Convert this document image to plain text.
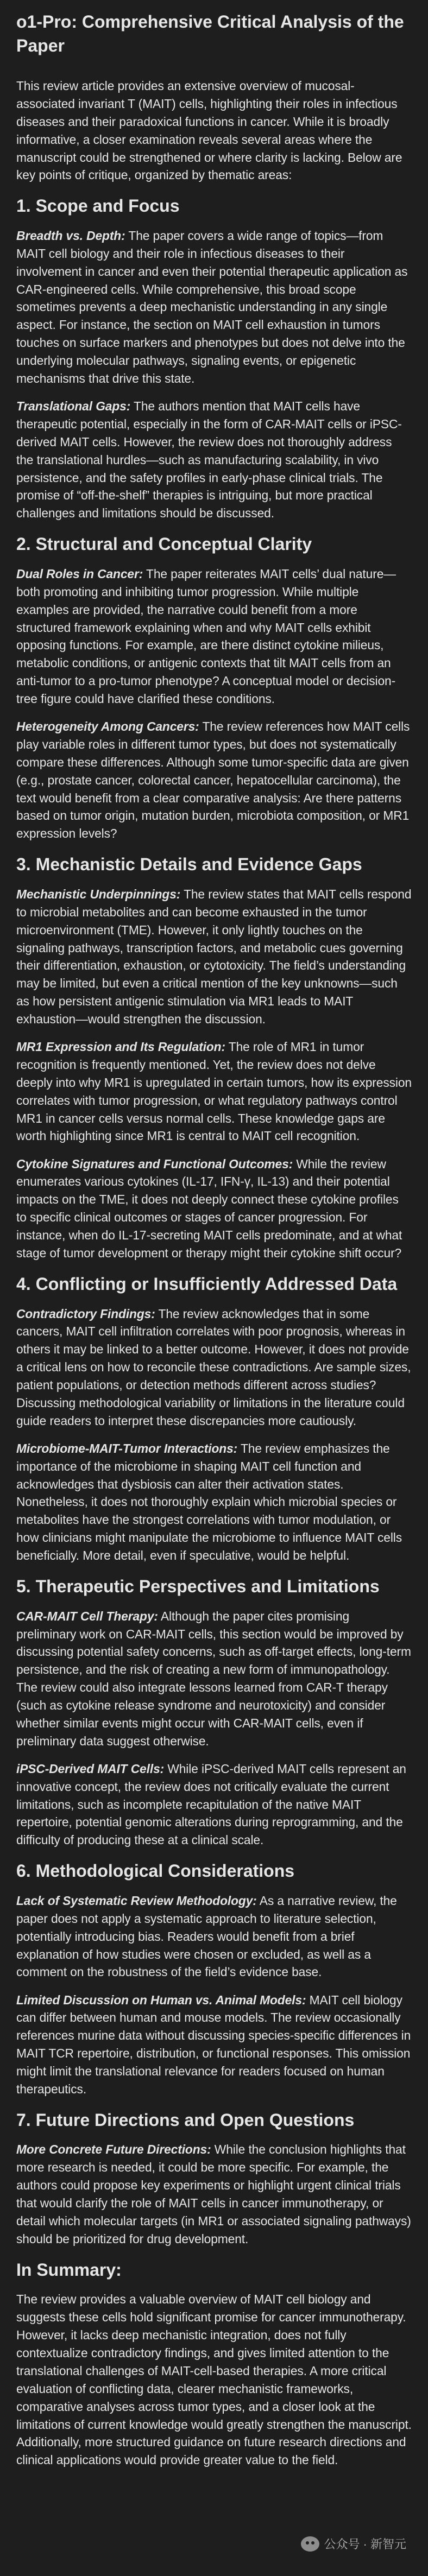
o1-Pro: Comprehensive Critical Analysis of the Paper
This review article provides an extensive overview of mucosal-associated invariant T (MAIT) cells, highlighting their roles in infectious diseases and their paradoxical functions in cancer. While it is broadly informative, a closer examination reveals several areas where the manuscript could be strengthened or where clarity is lacking. Below are key points of critique, organized by thematic areas:
1. Scope and Focus
Breadth vs. Depth: The paper covers a wide range of topics—from MAIT cell biology and their role in infectious diseases to their involvement in cancer and even their potential therapeutic application as CAR-engineered cells. While comprehensive, this broad scope sometimes prevents a deep mechanistic understanding in any single aspect. For instance, the section on MAIT cell exhaustion in tumors touches on surface markers and phenotypes but does not delve into the underlying molecular pathways, signaling events, or epigenetic mechanisms that drive this state.
Translational Gaps: The authors mention that MAIT cells have therapeutic potential, especially in the form of CAR-MAIT cells or iPSC-derived MAIT cells. However, the review does not thoroughly address the translational hurdles—such as manufacturing scalability, in vivo persistence, and the safety profiles in early-phase clinical trials. The promise of “off-the-shelf” therapies is intriguing, but more practical challenges and limitations should be discussed.
2. Structural and Conceptual Clarity
Dual Roles in Cancer: The paper reiterates MAIT cells’ dual nature—both promoting and inhibiting tumor progression. While multiple examples are provided, the narrative could benefit from a more structured framework explaining when and why MAIT cells exhibit opposing functions. For example, are there distinct cytokine milieus, metabolic conditions, or antigenic contexts that tilt MAIT cells from an anti-tumor to a pro-tumor phenotype? A conceptual model or decision-tree figure could have clarified these conditions.
Heterogeneity Among Cancers: The review references how MAIT cells play variable roles in different tumor types, but does not systematically compare these differences. Although some tumor-specific data are given (e.g., prostate cancer, colorectal cancer, hepatocellular carcinoma), the text would benefit from a clear comparative analysis: Are there patterns based on tumor origin, mutation burden, microbiota composition, or MR1 expression levels?
3. Mechanistic Details and Evidence Gaps
Mechanistic Underpinnings: The review states that MAIT cells respond to microbial metabolites and can become exhausted in the tumor microenvironment (TME). However, it only lightly touches on the signaling pathways, transcription factors, and metabolic cues governing their differentiation, exhaustion, or cytotoxicity. The field’s understanding may be limited, but even a critical mention of the key unknowns—such as how persistent antigenic stimulation via MR1 leads to MAIT exhaustion—would strengthen the discussion.
MR1 Expression and Its Regulation: The role of MR1 in tumor recognition is frequently mentioned. Yet, the review does not delve deeply into why MR1 is upregulated in certain tumors, how its expression correlates with tumor progression, or what regulatory pathways control MR1 in cancer cells versus normal cells. These knowledge gaps are worth highlighting since MR1 is central to MAIT cell recognition.
Cytokine Signatures and Functional Outcomes: While the review enumerates various cytokines (IL-17, IFN-γ, IL-13) and their potential impacts on the TME, it does not deeply connect these cytokine profiles to specific clinical outcomes or stages of cancer progression. For instance, when do IL-17-secreting MAIT cells predominate, and at what stage of tumor development or therapy might their cytokine shift occur?
4. Conflicting or Insufficiently Addressed Data
Contradictory Findings: The review acknowledges that in some cancers, MAIT cell infiltration correlates with poor prognosis, whereas in others it may be linked to a better outcome. However, it does not provide a critical lens on how to reconcile these contradictions. Are sample sizes, patient populations, or detection methods different across studies? Discussing methodological variability or limitations in the literature could guide readers to interpret these discrepancies more cautiously.
Microbiome-MAIT-Tumor Interactions: The review emphasizes the importance of the microbiome in shaping MAIT cell function and acknowledges that dysbiosis can alter their activation states. Nonetheless, it does not thoroughly explain which microbial species or metabolites have the strongest correlations with tumor modulation, or how clinicians might manipulate the microbiome to influence MAIT cells beneficially. More detail, even if speculative, would be helpful.
5. Therapeutic Perspectives and Limitations
CAR-MAIT Cell Therapy: Although the paper cites promising preliminary work on CAR-MAIT cells, this section would be improved by discussing potential safety concerns, such as off-target effects, long-term persistence, and the risk of creating a new form of immunopathology. The review could also integrate lessons learned from CAR-T therapy (such as cytokine release syndrome and neurotoxicity) and consider whether similar events might occur with CAR-MAIT cells, even if preliminary data suggest otherwise.
iPSC-Derived MAIT Cells: While iPSC-derived MAIT cells represent an innovative concept, the review does not critically evaluate the current limitations, such as incomplete recapitulation of the native MAIT repertoire, potential genomic alterations during reprogramming, and the difficulty of producing these at a clinical scale.
6. Methodological Considerations
Lack of Systematic Review Methodology: As a narrative review, the paper does not apply a systematic approach to literature selection, potentially introducing bias. Readers would benefit from a brief explanation of how studies were chosen or excluded, as well as a comment on the robustness of the field’s evidence base.
Limited Discussion on Human vs. Animal Models: MAIT cell biology can differ between human and mouse models. The review occasionally references murine data without discussing species-specific differences in MAIT TCR repertoire, distribution, or functional responses. This omission might limit the translational relevance for readers focused on human therapeutics.
7. Future Directions and Open Questions
More Concrete Future Directions: While the conclusion highlights that more research is needed, it could be more specific. For example, the authors could propose key experiments or highlight urgent clinical trials that would clarify the role of MAIT cells in cancer immunotherapy, or detail which molecular targets (in MR1 or associated signaling pathways) should be prioritized for drug development.
In Summary:
The review provides a valuable overview of MAIT cell biology and suggests these cells hold significant promise for cancer immunotherapy. However, it lacks deep mechanistic integration, does not fully contextualize contradictory findings, and gives limited attention to the translational challenges of MAIT-cell-based therapies. A more critical evaluation of conflicting data, clearer mechanistic frameworks, comparative analyses across tumor types, and a closer look at the limitations of current knowledge would greatly strengthen the manuscript. Additionally, more structured guidance on future research directions and clinical applications would provide greater value to the field.
公众号 · 新智元
